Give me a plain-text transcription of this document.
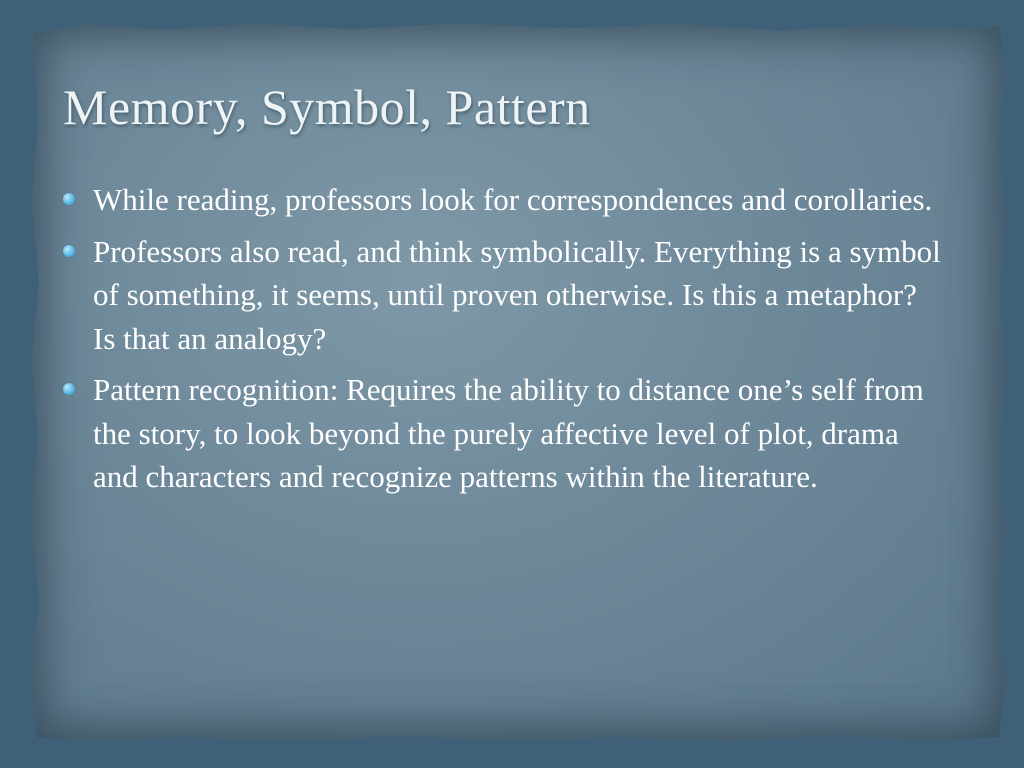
Memory, Symbol, Pattern
While reading, professors look for correspondences and corollaries.
Professors also read, and think symbolically. Everything is a symbol of something, it seems, until proven otherwise. Is this a metaphor? Is that an analogy?
Pattern recognition: Requires the ability to distance one’s self from the story, to look beyond the purely affective level of plot, drama and characters and recognize patterns within the literature.
